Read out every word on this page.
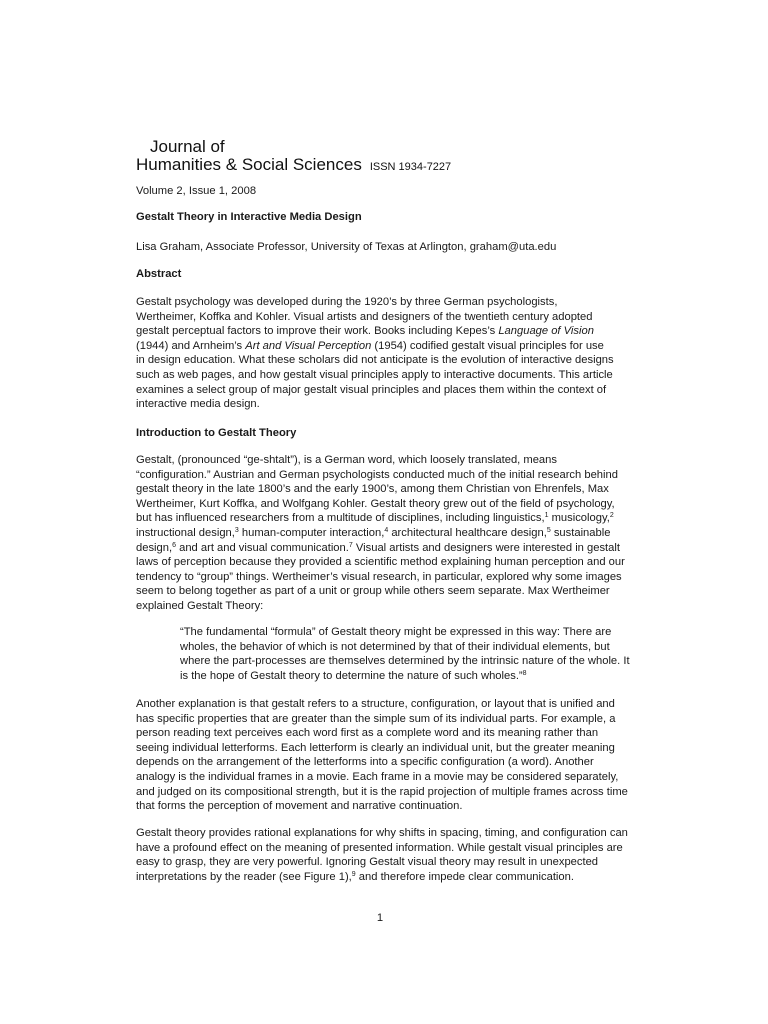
Journal of
Humanities & Social Sciences ISSN 1934-7227
Volume 2, Issue 1, 2008
Gestalt Theory in Interactive Media Design
Lisa Graham, Associate Professor, University of Texas at Arlington, graham@uta.edu
Abstract

Gestalt psychology was developed during the 1920’s by three German psychologists, Wertheimer, Koffka and Kohler. Visual artists and designers of the twentieth century adopted gestalt perceptual factors to improve their work. Books including Kepes’s Language of Vision (1944) and Arnheim’s Art and Visual Perception (1954) codified gestalt visual principles for use in design education. What these scholars did not anticipate is the evolution of interactive designs such as web pages, and how gestalt visual principles apply to interactive documents. This article examines a select group of major gestalt visual principles and places them within the context of interactive media design.

Introduction to Gestalt Theory

Gestalt, (pronounced “ge-shtalt”), is a German word, which loosely translated, means “configuration.” Austrian and German psychologists conducted much of the initial research behind gestalt theory in the late 1800’s and the early 1900’s, among them Christian von Ehrenfels, Max Wertheimer, Kurt Koffka, and Wolfgang Kohler. Gestalt theory grew out of the field of psychology, but has influenced researchers from a multitude of disciplines, including linguistics,$^1$ musicology,$^2$ instructional design,$^3$ human-computer interaction,$^4$ architectural healthcare design,$^5$ sustainable design,$^6$ and art and visual communication.$^7$ Visual artists and designers were interested in gestalt laws of perception because they provided a scientific method explaining human perception and our tendency to “group” things. Wertheimer’s visual research, in particular, explored why some images seem to belong together as part of a unit or group while others seem separate. Max Wertheimer explained Gestalt Theory:

“The fundamental “formula” of Gestalt theory might be expressed in this way: There are wholes, the behavior of which is not determined by that of their individual elements, but where the part-processes are themselves determined by the intrinsic nature of the whole. It is the hope of Gestalt theory to determine the nature of such wholes.”$^8$

Another explanation is that gestalt refers to a structure, configuration, or layout that is unified and has specific properties that are greater than the simple sum of its individual parts. For example, a person reading text perceives each word first as a complete word and its meaning rather than seeing individual letterforms. Each letterform is clearly an individual unit, but the greater meaning depends on the arrangement of the letterforms into a specific configuration (a word). Another analogy is the individual frames in a movie. Each frame in a movie may be considered separately, and judged on its compositional strength, but it is the rapid projection of multiple frames across time that forms the perception of movement and narrative continuation.

Gestalt theory provides rational explanations for why shifts in spacing, timing, and configuration can have a profound effect on the meaning of presented information. While gestalt visual principles are easy to grasp, they are very powerful. Ignoring Gestalt visual theory may result in unexpected interpretations by the reader (see Figure 1),$^9$ and therefore impede clear communication.

1
